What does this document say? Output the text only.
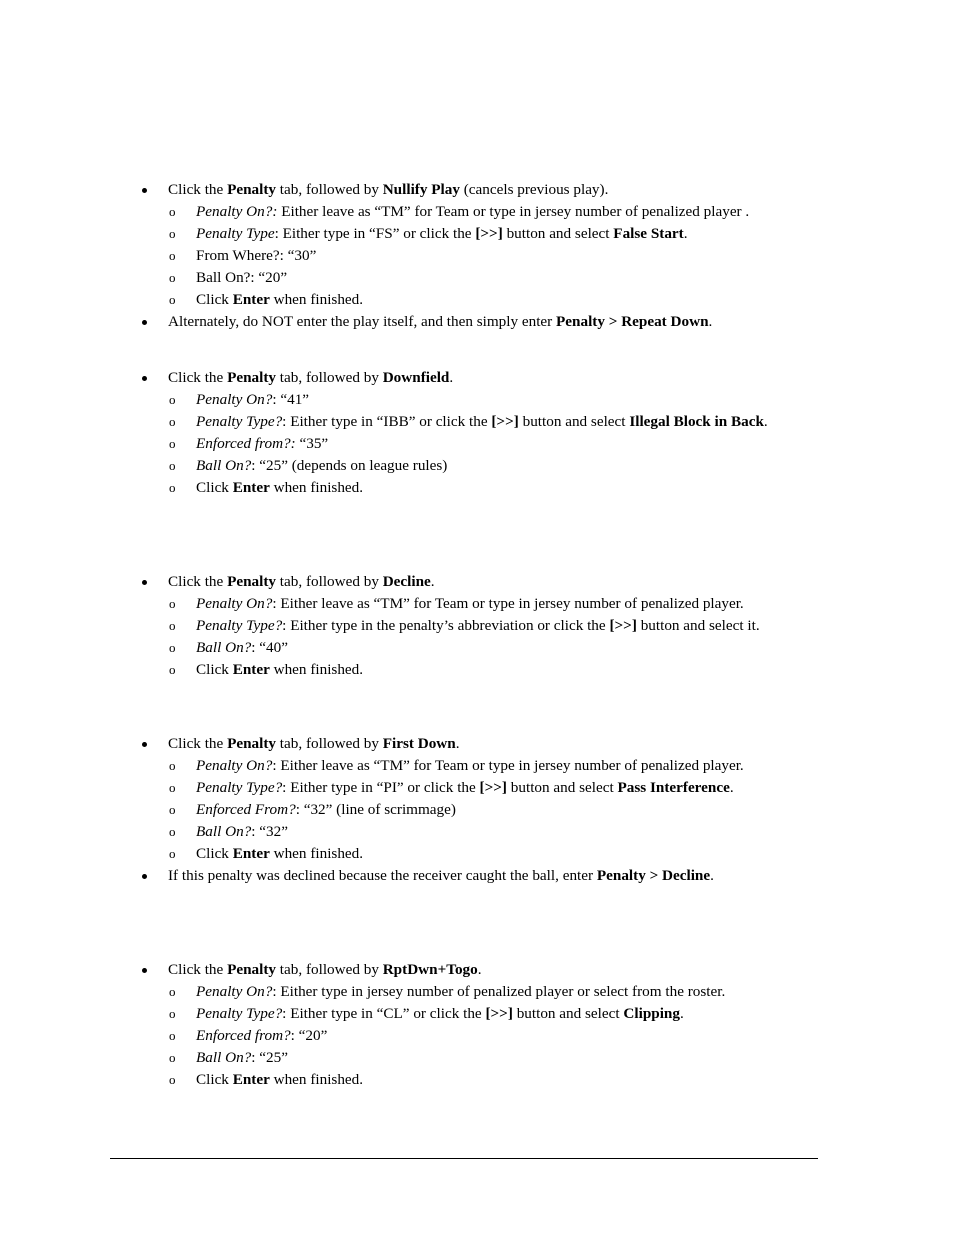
Click the Penalty tab, followed by Nullify Play (cancels previous play).
o Penalty On?: Either leave as “TM” for Team or type in jersey number of penalized player .
o Penalty Type: Either type in “FS” or click the [>>] button and select False Start.
o From Where?: “30”
o Ball On?: “20”
o Click Enter when finished.
Alternately, do NOT enter the play itself, and then simply enter Penalty > Repeat Down.
Click the Penalty tab, followed by Downfield.
o Penalty On?: “41”
o Penalty Type?: Either type in “IBB” or click the [>>] button and select Illegal Block in Back.
o Enforced from?: “35”
o Ball On?: “25” (depends on league rules)
o Click Enter when finished.
Click the Penalty tab, followed by Decline.
o Penalty On?: Either leave as “TM” for Team or type in jersey number of penalized player.
o Penalty Type?: Either type in the penalty’s abbreviation or click the [>>] button and select it.
o Ball On?: “40”
o Click Enter when finished.
Click the Penalty tab, followed by First Down.
o Penalty On?: Either leave as “TM” for Team or type in jersey number of penalized player.
o Penalty Type?: Either type in “PI” or click the [>>] button and select Pass Interference.
o Enforced From?: “32” (line of scrimmage)
o Ball On?: “32”
o Click Enter when finished.
If this penalty was declined because the receiver caught the ball, enter Penalty > Decline.
Click the Penalty tab, followed by RptDwn+Togo.
o Penalty On?: Either type in jersey number of penalized player or select from the roster.
o Penalty Type?: Either type in “CL” or click the [>>] button and select Clipping.
o Enforced from?: “20”
o Ball On?: “25”
o Click Enter when finished.
